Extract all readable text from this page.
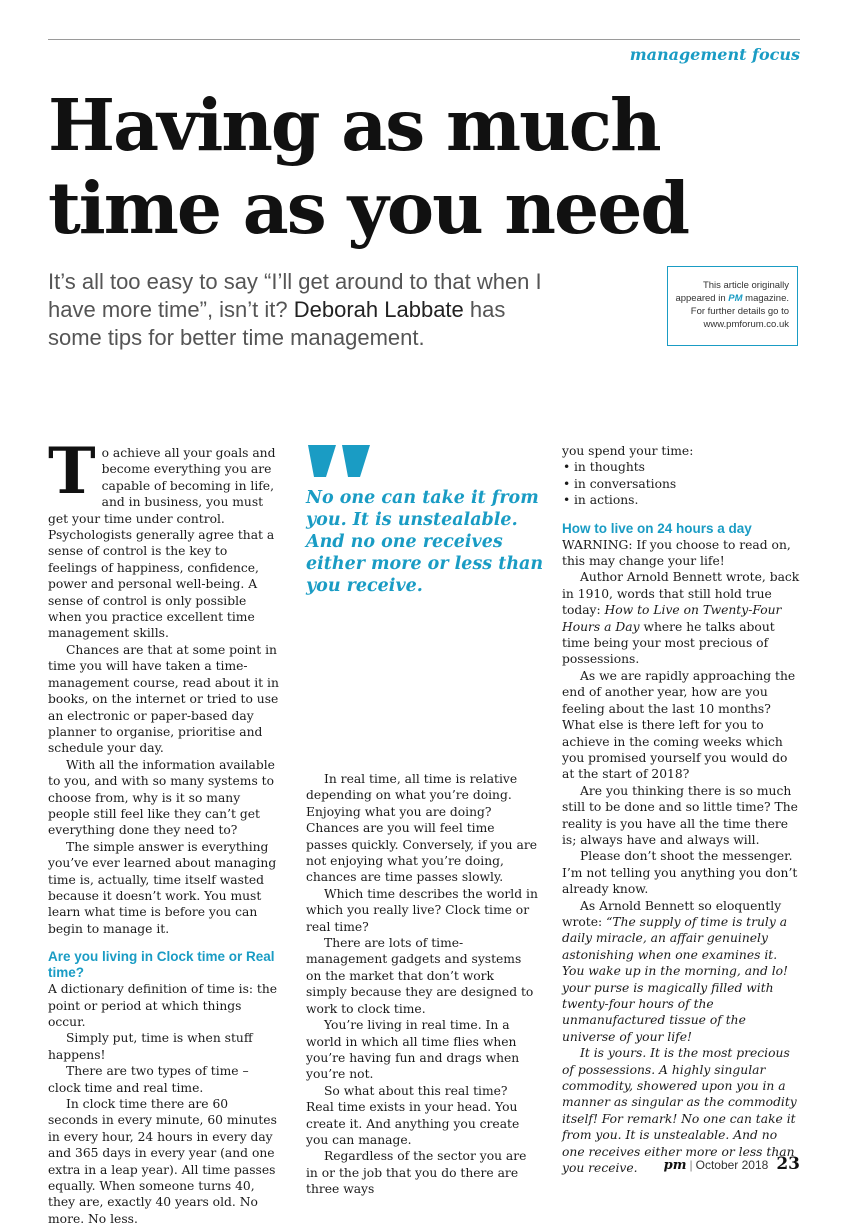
management focus
Having as much
time as you need

It’s all too easy to say “I’ll get around to that when I have more time”, isn’t it? Deborah Labbate has some tips for better time management.

This article originally
appeared in PM magazine.
For further details go to
www.pmforum.co.uk

To achieve all your goals and become everything you are capable of becoming in life, and in business, you must get your time under control. Psychologists generally agree that a sense of control is the key to feelings of happiness, confidence, power and personal well-being. A sense of control is only possible when you practice excellent time management skills.

Chances are that at some point in time you will have taken a time-management course, read about it in books, on the internet or tried to use an electronic or paper-based day planner to organise, prioritise and schedule your day.

With all the information available to you, and with so many systems to choose from, why is it so many people still feel like they can’t get everything done they need to?

The simple answer is everything you’ve ever learned about managing time is, actually, time itself wasted because it doesn’t work. You must learn what time is before you can begin to manage it.

Are you living in Clock time or Real time?

A dictionary definition of time is: the point or period at which things occur.

Simply put, time is when stuff happens!

There are two types of time – clock time and real time.

In clock time there are 60 seconds in every minute, 60 minutes in every hour, 24 hours in every day and 365 days in every year (and one extra in a leap year). All time passes equally. When someone turns 40, they are, exactly 40 years old. No more. No less.

No one can take it from you. It is unstealable. And no one receives either more or less than you receive.

In real time, all time is relative depending on what you’re doing. Enjoying what you are doing? Chances are you will feel time passes quickly. Conversely, if you are not enjoying what you’re doing, chances are time passes slowly.

Which time describes the world in which you really live? Clock time or real time?

There are lots of time-management gadgets and systems on the market that don’t work simply because they are designed to work to clock time.

You’re living in real time. In a world in which all time flies when you’re having fun and drags when you’re not.

So what about this real time? Real time exists in your head. You create it. And anything you create you can manage.

Regardless of the sector you are in or the job that you do there are three ways

you spend your time:

• in thoughts
• in conversations
• in actions.
How to live on 24 hours a day

WARNING: If you choose to read on, this may change your life!

Author Arnold Bennett wrote, back in 1910, words that still hold true today: How to Live on Twenty-Four Hours a Day where he talks about time being your most precious of possessions.

As we are rapidly approaching the end of another year, how are you feeling about the last 10 months? What else is there left for you to achieve in the coming weeks which you promised yourself you would do at the start of 2018?

Are you thinking there is so much still to be done and so little time? The reality is you have all the time there is; always have and always will.

Please don’t shoot the messenger. I’m not telling you anything you don’t already know.

As Arnold Bennett so eloquently wrote: “The supply of time is truly a daily miracle, an affair genuinely astonishing when one examines it. You wake up in the morning, and lo! your purse is magically filled with twenty-four hours of the unmanufactured tissue of the universe of your life!

It is yours. It is the most precious of possessions. A highly singular commodity, showered upon you in a manner as singular as the commodity itself! For remark! No one can take it from you. It is unstealable. And no one receives either more or less than you receive.	pm | October 2018 23
